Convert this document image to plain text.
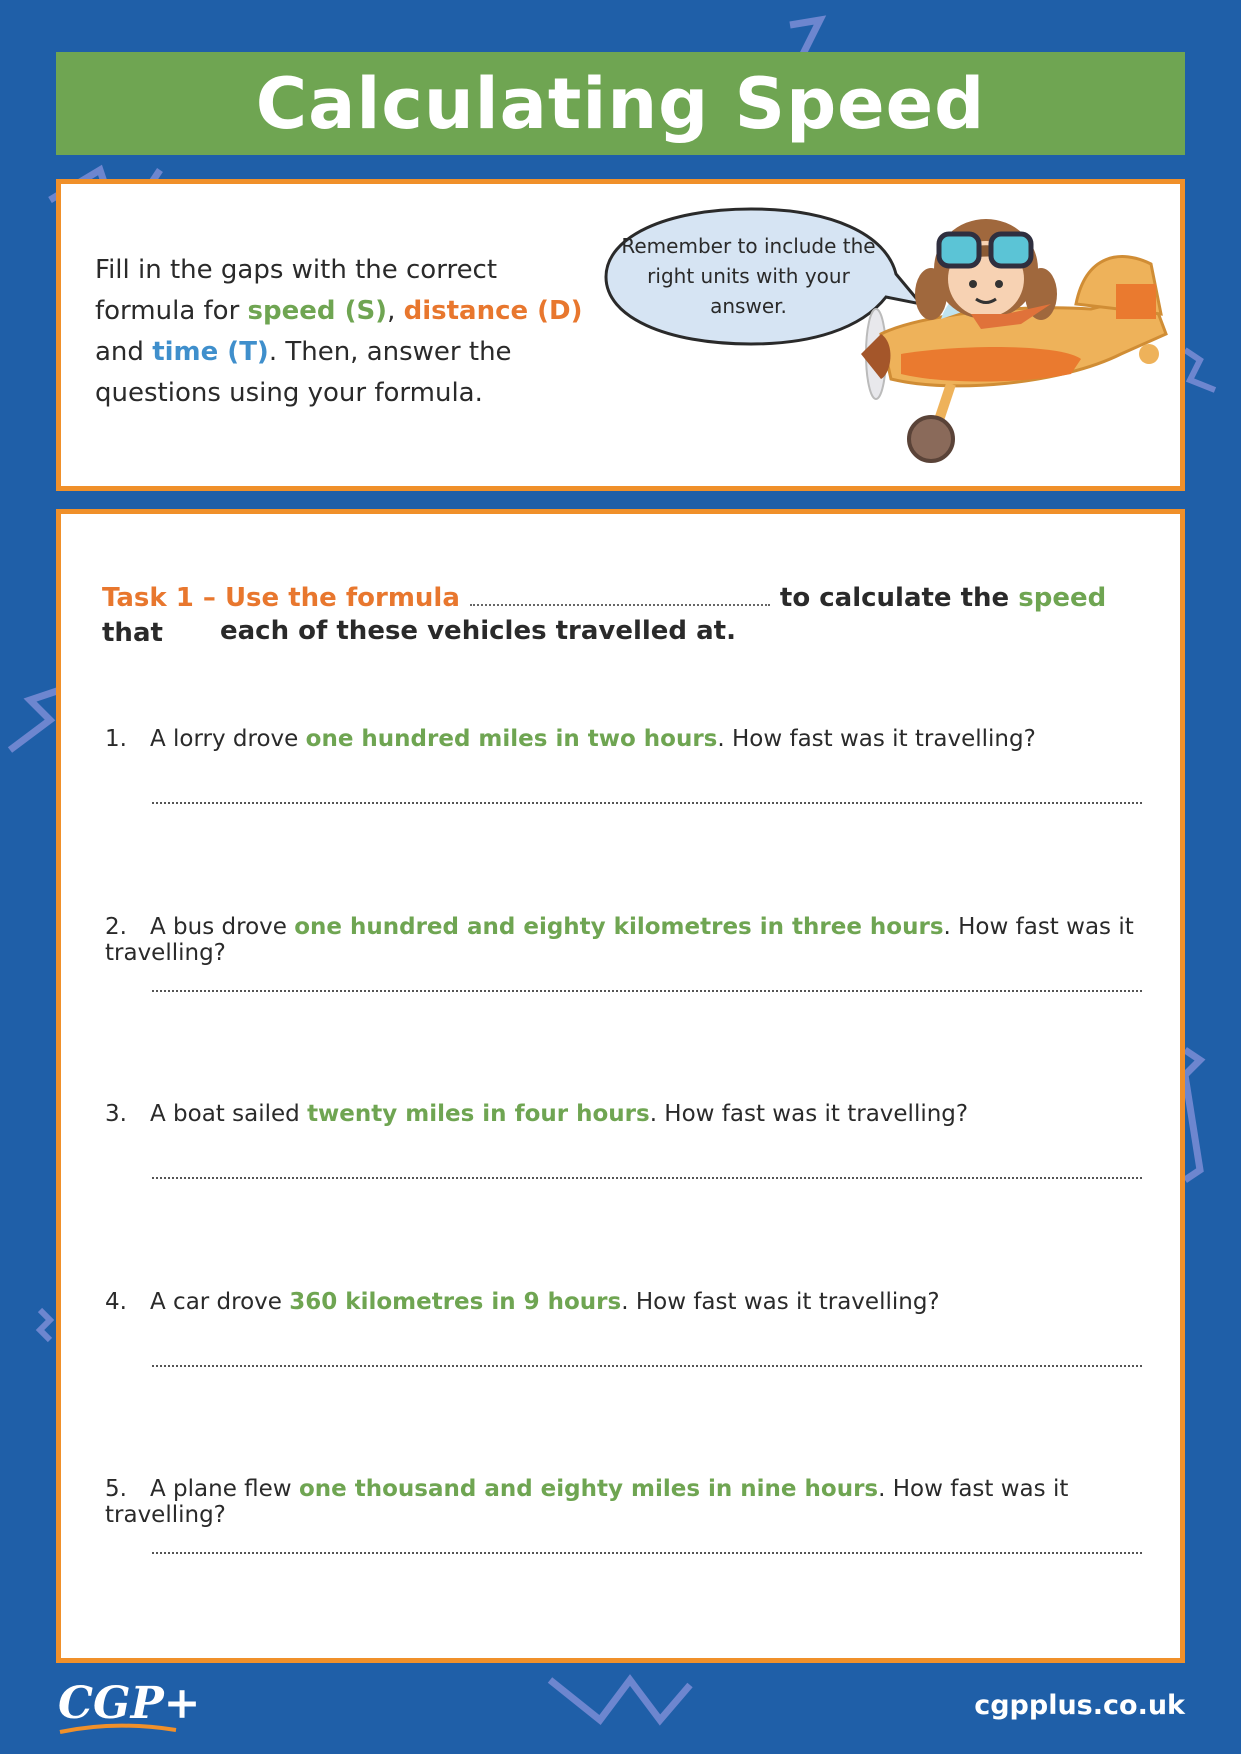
Calculating Speed
Fill in the gaps with the correct formula for speed (S), distance (D) and time (T). Then, answer the questions using your formula.
Remember to include the right units with your answer.
Task 1 – Use the formula	to calculate the speed that	each of these vehicles travelled at.
1. A lorry drove one hundred miles in two hours. How fast was it travelling?
2. A bus drove one hundred and eighty kilometres in three hours. How fast was it travelling?
3. A boat sailed twenty miles in four hours. How fast was it travelling?
4. A car drove 360 kilometres in 9 hours. How fast was it travelling?
5. A plane flew one thousand and eighty miles in nine hours. How fast was it travelling?
CGP+	cgpplus.co.uk
